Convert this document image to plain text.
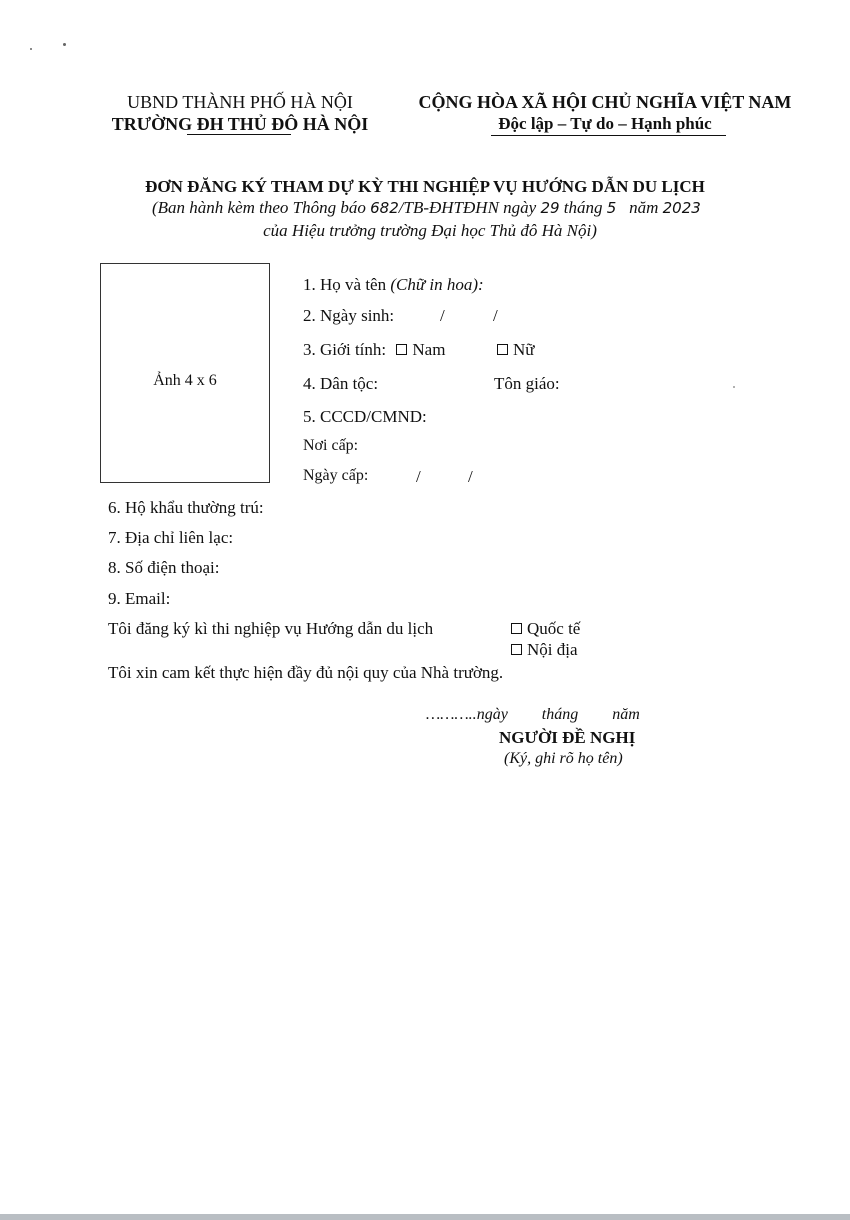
UBND THÀNH PHỐ HÀ NỘI
TRƯỜNG ĐH THỦ ĐÔ HÀ NỘI
CỘNG HÒA XÃ HỘI CHỦ NGHĨA VIỆT NAM
Độc lập – Tự do – Hạnh phúc
ĐƠN ĐĂNG KÝ THAM DỰ KỲ THI NGHIỆP VỤ HƯỚNG DẪN DU LỊCH
(Ban hành kèm theo Thông báo 682/TB-ĐHTĐHN ngày 29 tháng 5 năm 2023
của Hiệu trưởng trường Đại học Thủ đô Hà Nội)
Ảnh 4 x 6
1. Họ và tên (Chữ in hoa):
2. Ngày sinh:	/	/
3. Giới tính: Nam	Nữ
4. Dân tộc:	Tôn giáo:
5. CCCD/CMND:
Nơi cấp:
Ngày cấp:	/	/
6. Hộ khẩu thường trú:
7. Địa chỉ liên lạc:
8. Số điện thoại:
9. Email:
Tôi đăng ký kì thi nghiệp vụ Hướng dẫn du lịch	Quốc tế
Nội địa
Tôi xin cam kết thực hiện đầy đủ nội quy của Nhà trường.
………..ngày tháng năm
NGƯỜI ĐỀ NGHỊ
(Ký, ghi rõ họ tên)
